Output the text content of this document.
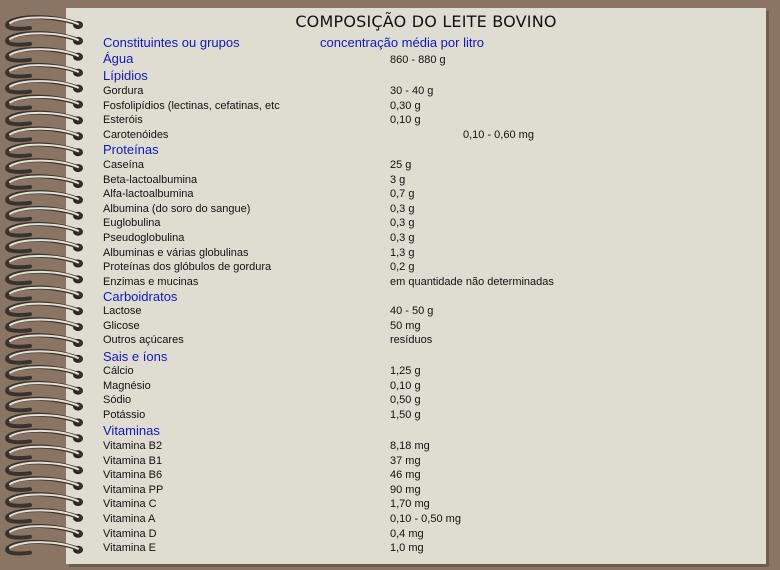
COMPOSIÇÃO DO LEITE BOVINO
Constituintes ou grupos	concentração média por litro
Água	860 - 880 g
Lípidios
Gordura	30 - 40 g
Fosfolipídios (lectinas, cefatinas, etc	0,30 g
Esteróis	0,10 g
Carotenóides	0,10 - 0,60 mg
Proteínas
Caseína	25 g
Beta-lactoalbumina	3 g
Alfa-lactoalbumina	0,7 g
Albumina (do soro do sangue)	0,3 g
Euglobulina	0,3 g
Pseudoglobulina	0,3 g
Albuminas e várias globulinas	1,3 g
Proteínas dos glóbulos de gordura	0,2 g
Enzimas e mucinas	em quantidade não determinadas
Carboidratos
Lactose	40 - 50 g
Glicose	50 mg
Outros açúcares	resíduos
Sais e íons
Cálcio	1,25 g
Magnésio	0,10 g
Sódio	0,50 g
Potássio	1,50 g
Vitaminas
Vitamina B2	8,18 mg
Vitamina B1	37 mg
Vitamina B6	46 mg
Vitamina PP	90 mg
Vitamina C	1,70 mg
Vitamina A	0,10 - 0,50 mg
Vitamina D	0,4 mg
Vitamina E	1,0 mg
